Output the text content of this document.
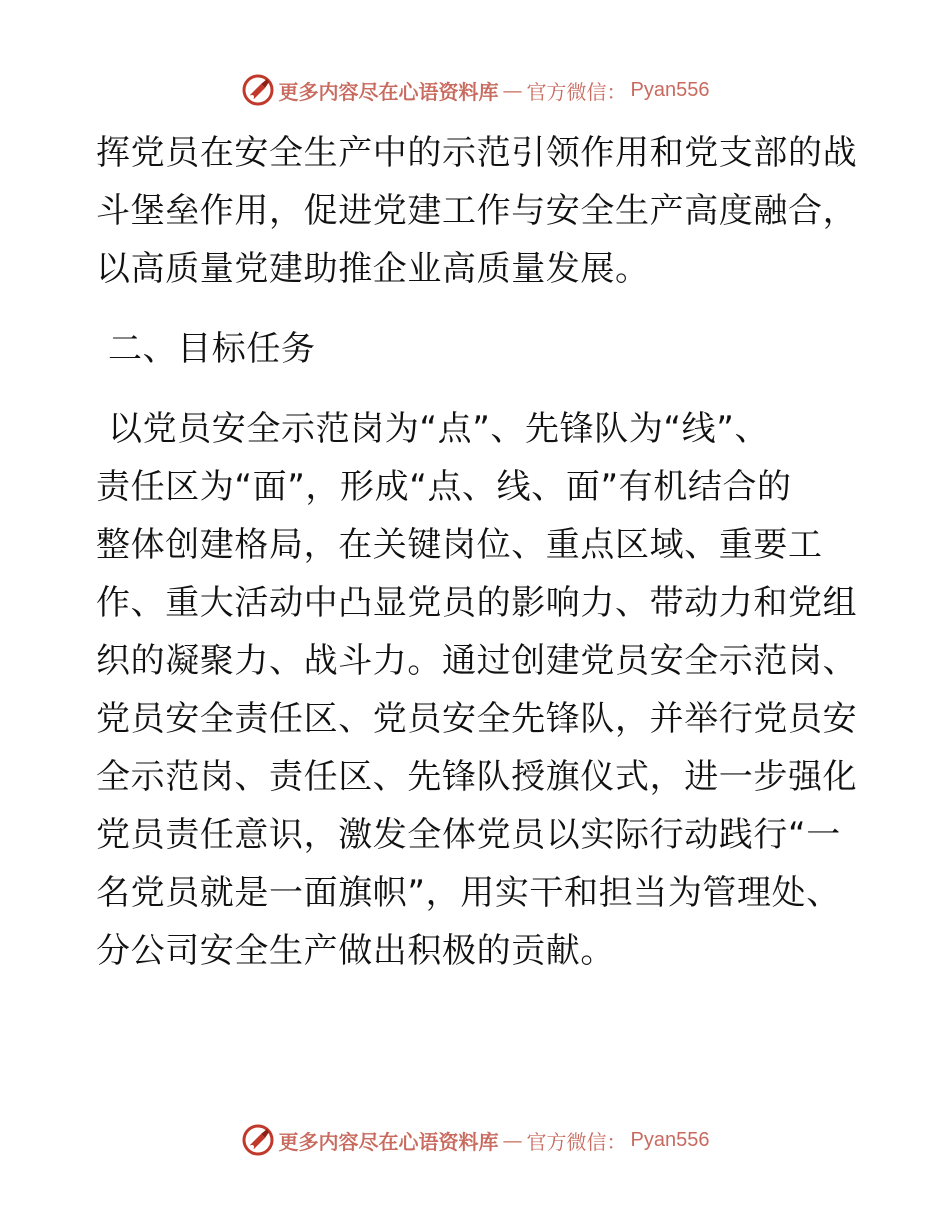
更多内容尽在心语资料库 — 官方微信： Pyan556
挥党员在安全生产中的示范引领作用和党支部的战
斗堡垒作用，促进党建工作与安全生产高度融合，
以高质量党建助推企业高质量发展。
二、目标任务
以党员安全示范岗为“点”、先锋队为“线”、
责任区为“面”，形成“点、线、面”有机结合的
整体创建格局，在关键岗位、重点区域、重要工
作、重大活动中凸显党员的影响力、带动力和党组
织的凝聚力、战斗力。通过创建党员安全示范岗、
党员安全责任区、党员安全先锋队，并举行党员安
全示范岗、责任区、先锋队授旗仪式，进一步强化
党员责任意识，激发全体党员以实际行动践行“一
名党员就是一面旗帜”，用实干和担当为管理处、
分公司安全生产做出积极的贡献。
更多内容尽在心语资料库 — 官方微信： Pyan556
